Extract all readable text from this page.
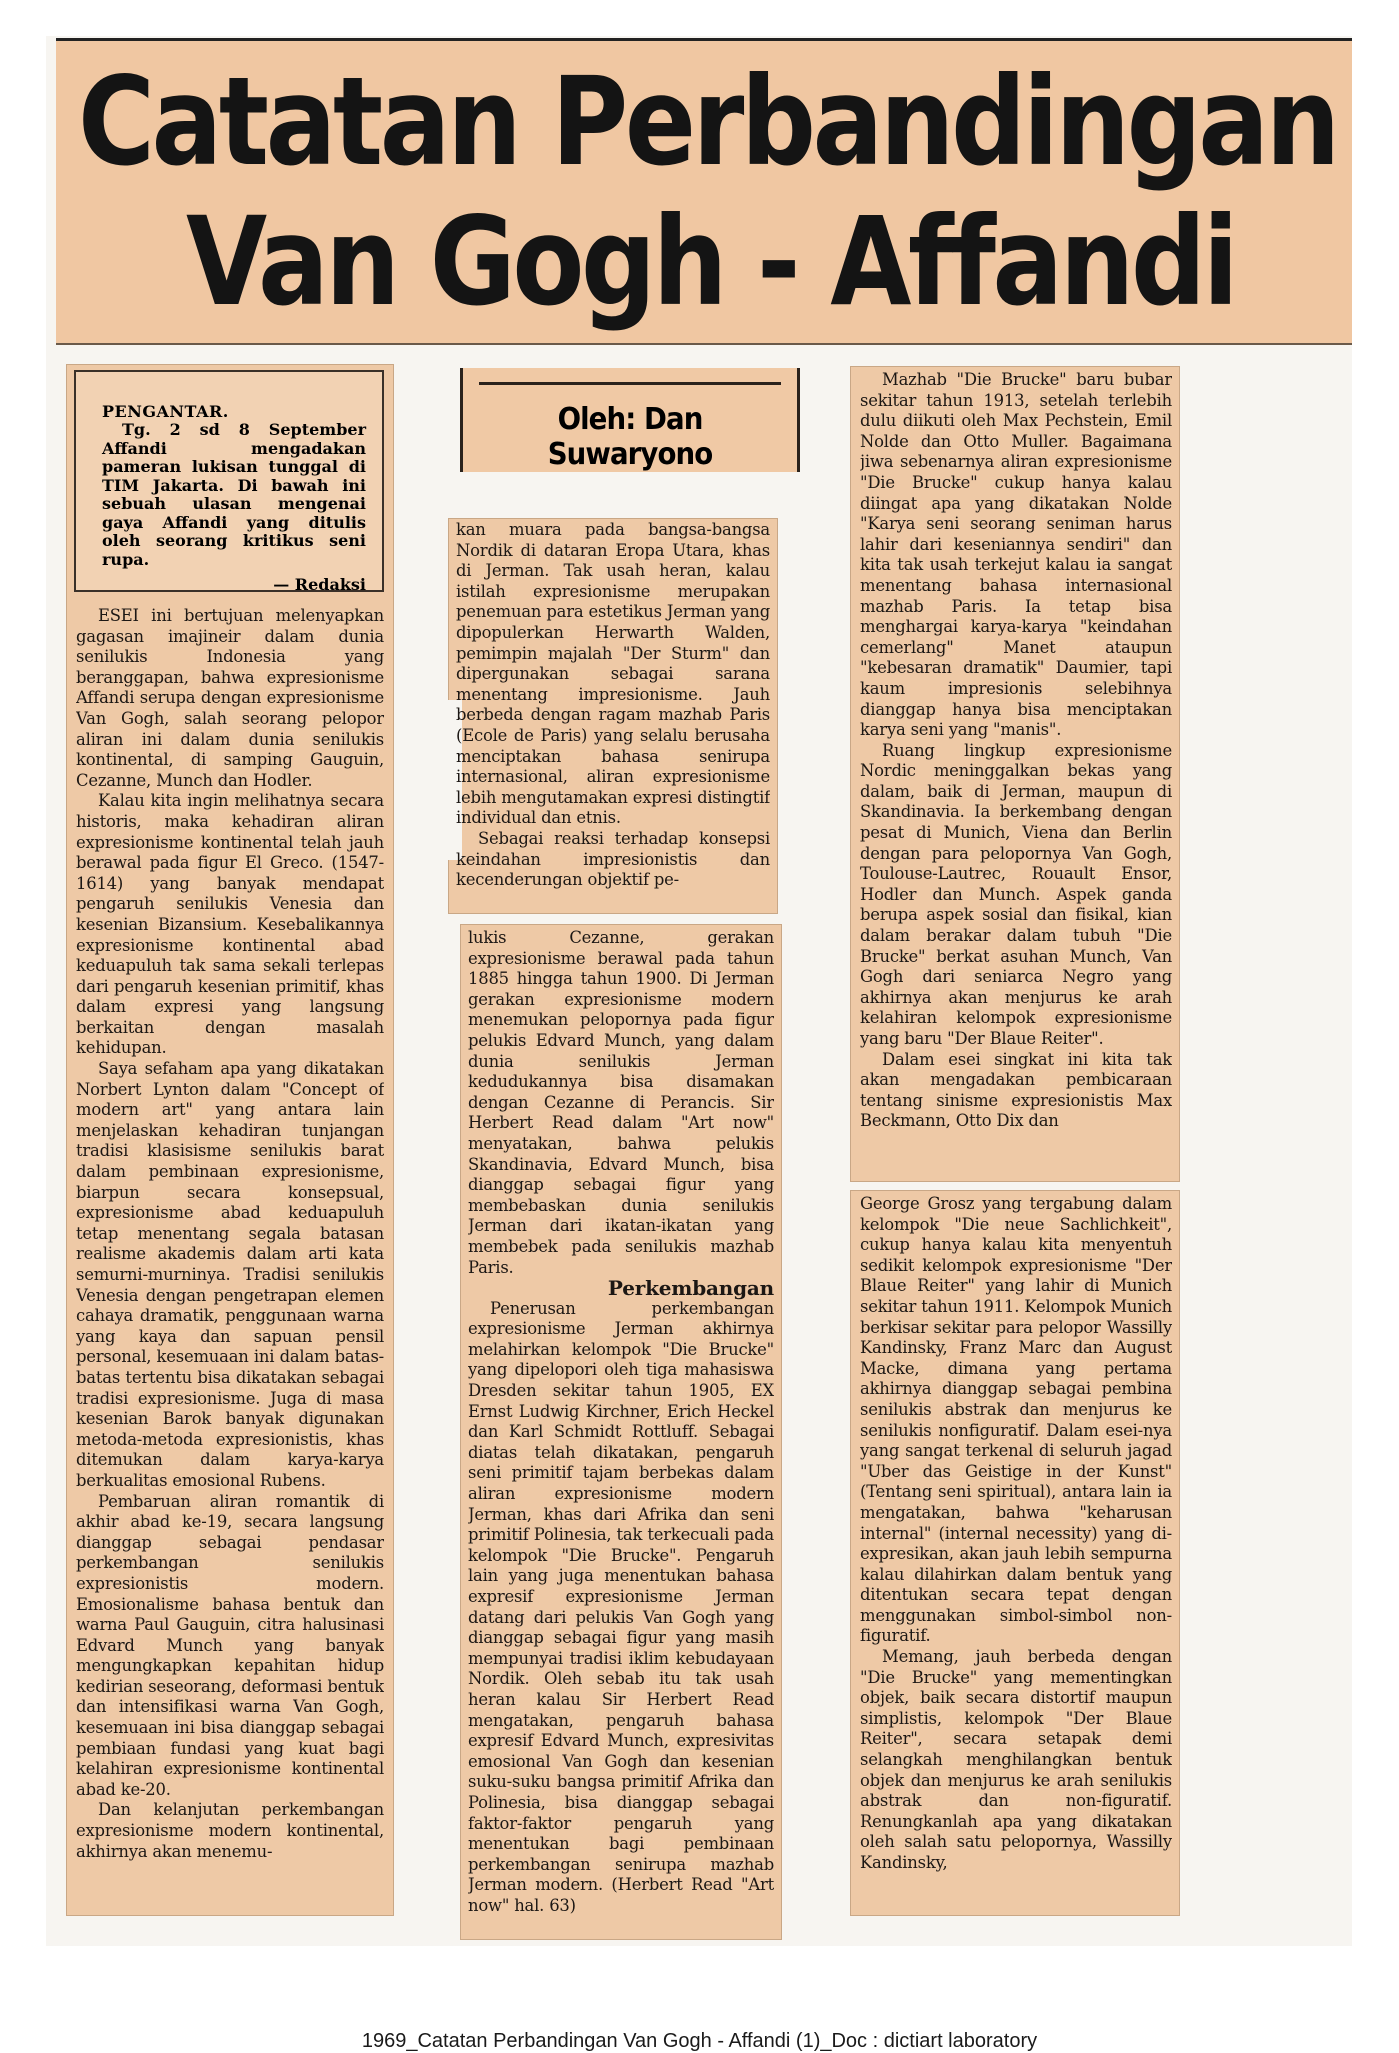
Catatan Perbandingan
Van Gogh - Affandi
PENGANTAR.
Tg. 2 sd 8 September Affandi mengadakan pameran lukisan tunggal di TIM Jakarta. Di bawah ini sebuah ulasan mengenai gaya Affandi yang ditulis oleh seorang kritikus seni rupa.
— Redaksi

ESEI ini bertujuan melenyapkan gagasan imajineir dalam dunia senilukis Indonesia yang beranggapan, bahwa expresionisme Affandi serupa dengan expresionisme Van Gogh, salah seorang pelopor aliran ini dalam dunia senilukis kontinental, di samping Gauguin, Cezanne, Munch dan Hodler.

Kalau kita ingin melihatnya secara historis, maka kehadiran aliran expresionisme kontinental telah jauh berawal pada figur El Greco. (1547-1614) yang banyak mendapat pengaruh senilukis Venesia dan kesenian Bizansium. Kesebalikannya expresionisme kontinental abad keduapuluh tak sama sekali terlepas dari pengaruh kesenian primitif, khas dalam expresi yang langsung berkaitan dengan masalah kehidupan.

Saya sefaham apa yang dikatakan Norbert Lynton dalam "Concept of modern art" yang antara lain menjelaskan kehadiran tunjangan tradisi klasisisme senilukis barat dalam pembinaan expresionisme, biarpun secara konsepsual, expresionisme abad keduapuluh tetap menentang segala batasan realisme akademis dalam arti kata semurni-murninya. Tradisi senilukis Venesia dengan pengetrapan elemen cahaya dramatik, penggunaan warna yang kaya dan sapuan pensil personal, kesemuaan ini dalam batas-batas tertentu bisa dikatakan sebagai tradisi expresionisme. Juga di masa kesenian Barok banyak digunakan metoda-metoda expresionistis, khas ditemukan dalam karya-karya berkualitas emosional Rubens.

Pembaruan aliran romantik di akhir abad ke-19, secara langsung dianggap sebagai pendasar perkembangan senilukis expresionistis modern. Emosionalisme bahasa bentuk dan warna Paul Gauguin, citra halusinasi Edvard Munch yang banyak mengungkapkan kepahitan hidup kedirian seseorang, deformasi bentuk dan intensifikasi warna Van Gogh, kesemuaan ini bisa dianggap sebagai pembiaan fundasi yang kuat bagi kelahiran expresionisme kontinental abad ke-20.

Dan kelanjutan perkembangan expresionisme modern kontinental, akhirnya akan menemu-

Oleh: Dan Suwaryono

kan muara pada bangsa-bangsa Nordik di dataran Eropa Utara, khas di Jerman. Tak usah heran, kalau istilah expresionisme merupakan penemuan para estetikus Jerman yang dipopulerkan Herwarth Walden, pemimpin majalah "Der Sturm" dan dipergunakan sebagai sarana menentang impresionisme. Jauh berbeda dengan ragam mazhab Paris (Ecole de Paris) yang selalu berusaha menciptakan bahasa senirupa internasional, aliran expresionisme lebih mengutamakan expresi distingtif individual dan etnis.

Sebagai reaksi terhadap konsepsi keindahan impresionistis dan kecenderungan objektif pe-

lukis Cezanne, gerakan expresionisme berawal pada tahun 1885 hingga tahun 1900. Di Jerman gerakan expresionisme modern menemukan pelopornya pada figur pelukis Edvard Munch, yang dalam dunia senilukis Jerman kedudukannya bisa disamakan dengan Cezanne di Perancis. Sir Herbert Read dalam "Art now" menyatakan, bahwa pelukis Skandinavia, Edvard Munch, bisa dianggap sebagai figur yang membebaskan dunia senilukis Jerman dari ikatan-ikatan yang membebek pada senilukis mazhab Paris.

Perkembangan

Penerusan perkembangan expresionisme Jerman akhirnya melahirkan kelompok "Die Brucke" yang dipelopori oleh tiga mahasiswa Dresden sekitar tahun 1905, EX Ernst Ludwig Kirchner, Erich Heckel dan Karl Schmidt Rottluff. Sebagai diatas telah dikatakan, pengaruh seni primitif tajam berbekas dalam aliran expresionisme modern Jerman, khas dari Afrika dan seni primitif Polinesia, tak terkecuali pada kelompok "Die Brucke". Pengaruh lain yang juga menentukan bahasa expresif expresionisme Jerman datang dari pelukis Van Gogh yang dianggap sebagai figur yang masih mempunyai tradisi iklim kebudayaan Nordik. Oleh sebab itu tak usah heran kalau Sir Herbert Read mengatakan, pengaruh bahasa expresif Edvard Munch, expresivitas emosional Van Gogh dan kesenian suku-suku bangsa primitif Afrika dan Polinesia, bisa dianggap sebagai faktor-faktor pengaruh yang menentukan bagi pembinaan perkembangan senirupa mazhab Jerman modern. (Herbert Read "Art now" hal. 63)

Mazhab "Die Brucke" baru bubar sekitar tahun 1913, setelah terlebih dulu diikuti oleh Max Pechstein, Emil Nolde dan Otto Muller. Bagaimana jiwa sebenarnya aliran expresionisme "Die Brucke" cukup hanya kalau diingat apa yang dikatakan Nolde "Karya seni seorang seniman harus lahir dari keseniannya sendiri" dan kita tak usah terkejut kalau ia sangat menentang bahasa internasional mazhab Paris. Ia tetap bisa menghargai karya-karya "keindahan cemerlang" Manet ataupun "kebesaran dramatik" Daumier, tapi kaum impresionis selebihnya dianggap hanya bisa menciptakan karya seni yang "manis".

Ruang lingkup expresionisme Nordic meninggalkan bekas yang dalam, baik di Jerman, maupun di Skandinavia. Ia berkembang dengan pesat di Munich, Viena dan Berlin dengan para pelopornya Van Gogh, Toulouse-Lautrec, Rouault Ensor, Hodler dan Munch. Aspek ganda berupa aspek sosial dan fisikal, kian dalam berakar dalam tubuh "Die Brucke" berkat asuhan Munch, Van Gogh dari seniarca Negro yang akhirnya akan menjurus ke arah kelahiran kelompok expresionisme yang baru "Der Blaue Reiter".

Dalam esei singkat ini kita tak akan mengadakan pembicaraan tentang sinisme expresionistis Max Beckmann, Otto Dix dan

George Grosz yang tergabung dalam kelompok "Die neue Sachlichkeit", cukup hanya kalau kita menyentuh sedikit kelompok expresionisme "Der Blaue Reiter" yang lahir di Munich sekitar tahun 1911. Kelompok Munich berkisar sekitar para pelopor Wassilly Kandinsky, Franz Marc dan August Macke, dimana yang pertama akhirnya dianggap sebagai pembina senilukis abstrak dan menjurus ke senilukis nonfiguratif. Dalam esei-nya yang sangat terkenal di seluruh jagad "Uber das Geistige in der Kunst" (Tentang seni spiritual), antara lain ia mengatakan, bahwa "keharusan internal" (internal necessity) yang di-expresikan, akan jauh lebih sempurna kalau dilahirkan dalam bentuk yang ditentukan secara tepat dengan menggunakan simbol-simbol non-figuratif.

Memang, jauh berbeda dengan "Die Brucke" yang mementingkan objek, baik secara distortif maupun simplistis, kelompok "Der Blaue Reiter", secara setapak demi selangkah menghilangkan bentuk objek dan menjurus ke arah senilukis abstrak dan non-figuratif. Renungkanlah apa yang dikatakan oleh salah satu pelopornya, Wassilly Kandinsky,

1969_Catatan Perbandingan Van Gogh - Affandi (1)_Doc : dictiart laboratory
